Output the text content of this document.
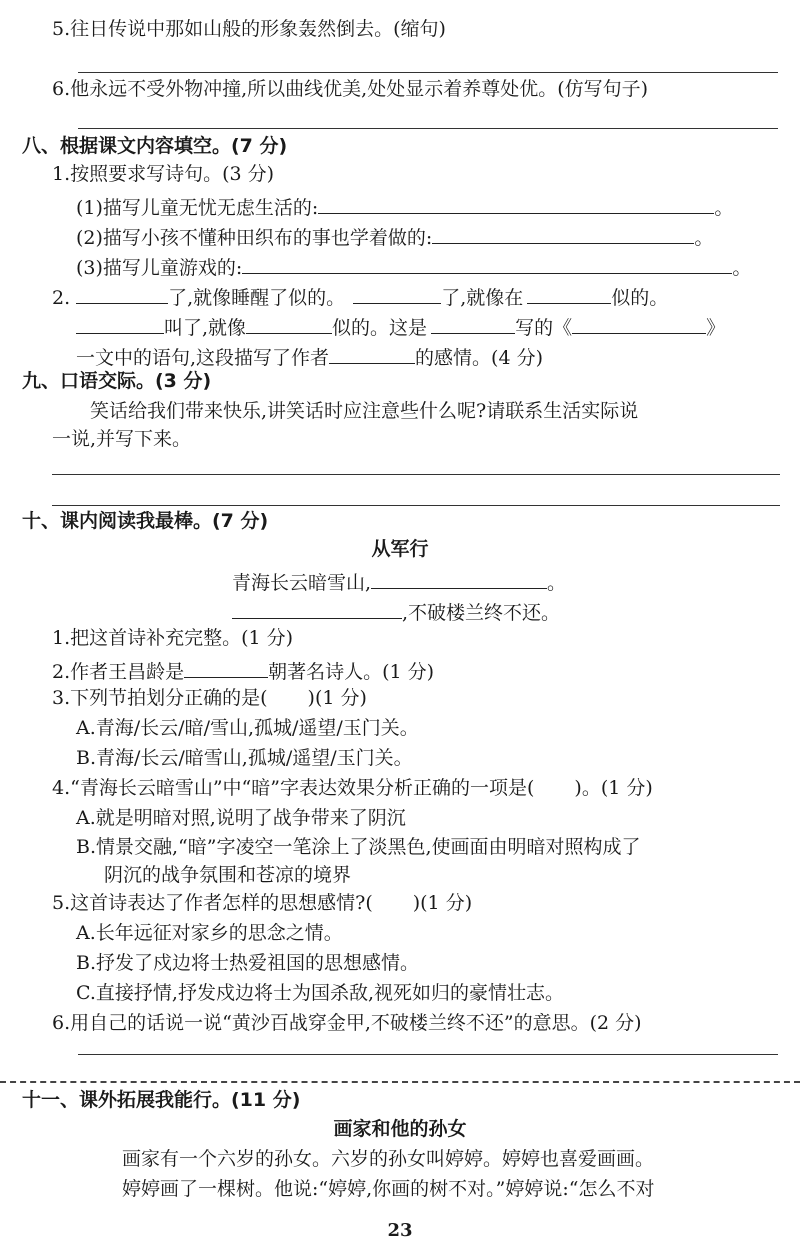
5.往日传说中那如山般的形象轰然倒去。(缩句)
6.他永远不受外物冲撞,所以曲线优美,处处显示着养尊处优。(仿写句子)
八、根据课文内容填空。(7 分)
1.按照要求写诗句。(3 分)
(1)描写儿童无忧无虑生活的:	。
(2)描写小孩不懂种田织布的事也学着做的:	。
(3)描写儿童游戏的:	。
2.	了,就像睡醒了似的。	了,就像在	似的。
叫了,就像	似的。这是	写的《	》
一文中的语句,这段描写了作者	的感情。(4 分)
九、口语交际。(3 分)
笑话给我们带来快乐,讲笑话时应注意些什么呢?请联系生活实际说
一说,并写下来。
十、课内阅读我最棒。(7 分)
从军行
青海长云暗雪山,	。
,不破楼兰终不还。
1.把这首诗补充完整。(1 分)
2.作者王昌龄是	朝著名诗人。(1 分)
3.下列节拍划分正确的是( )(1 分)
A.青海/长云/暗/雪山,孤城/遥望/玉门关。
B.青海/长云/暗雪山,孤城/遥望/玉门关。
4.“青海长云暗雪山”中“暗”字表达效果分析正确的一项是( )。(1 分)
A.就是明暗对照,说明了战争带来了阴沉
B.情景交融,“暗”字凌空一笔涂上了淡黑色,使画面由明暗对照构成了
阴沉的战争氛围和苍凉的境界
5.这首诗表达了作者怎样的思想感情?( )(1 分)
A.长年远征对家乡的思念之情。
B.抒发了戍边将士热爱祖国的思想感情。
C.直接抒情,抒发戍边将士为国杀敌,视死如归的豪情壮志。
6.用自己的话说一说“黄沙百战穿金甲,不破楼兰终不还”的意思。(2 分)
十一、课外拓展我能行。(11 分)
画家和他的孙女
画家有一个六岁的孙女。六岁的孙女叫婷婷。婷婷也喜爱画画。
婷婷画了一棵树。他说:“婷婷,你画的树不对。”婷婷说:“怎么不对
23
